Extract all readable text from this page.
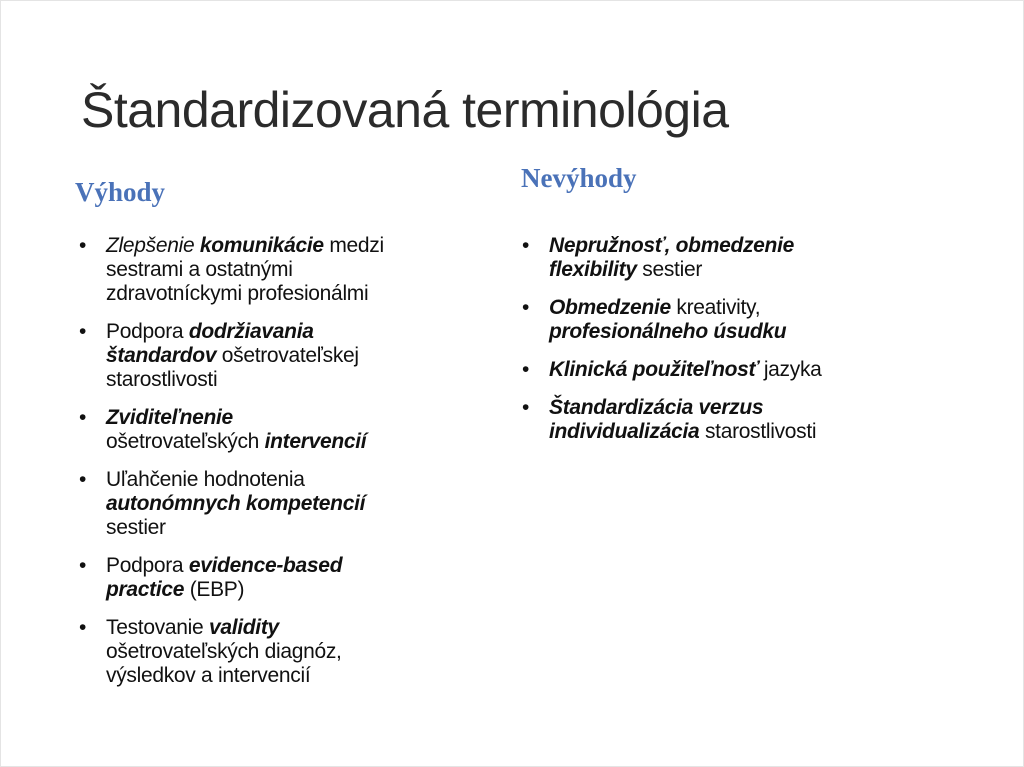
Štandardizovaná terminológia
Výhody	Nevýhody
• Zlepšenie komunikácie medzi
sestrami a ostatnými
zdravotníckymi profesionálmi
• Podpora dodržiavania
štandardov ošetrovateľskej
starostlivosti
• Zviditeľnenie
ošetrovateľských intervencií
• Uľahčenie hodnotenia
autonómnych kompetencií
sestier
• Podpora evidence-based
practice (EBP)
• Testovanie validity
ošetrovateľských diagnóz,
výsledkov a intervencií
• Nepružnosť, obmedzenie
flexibility sestier
• Obmedzenie kreativity,
profesionálneho úsudku
• Klinická použiteľnosť jazyka
• Štandardizácia verzus
individualizácia starostlivosti
